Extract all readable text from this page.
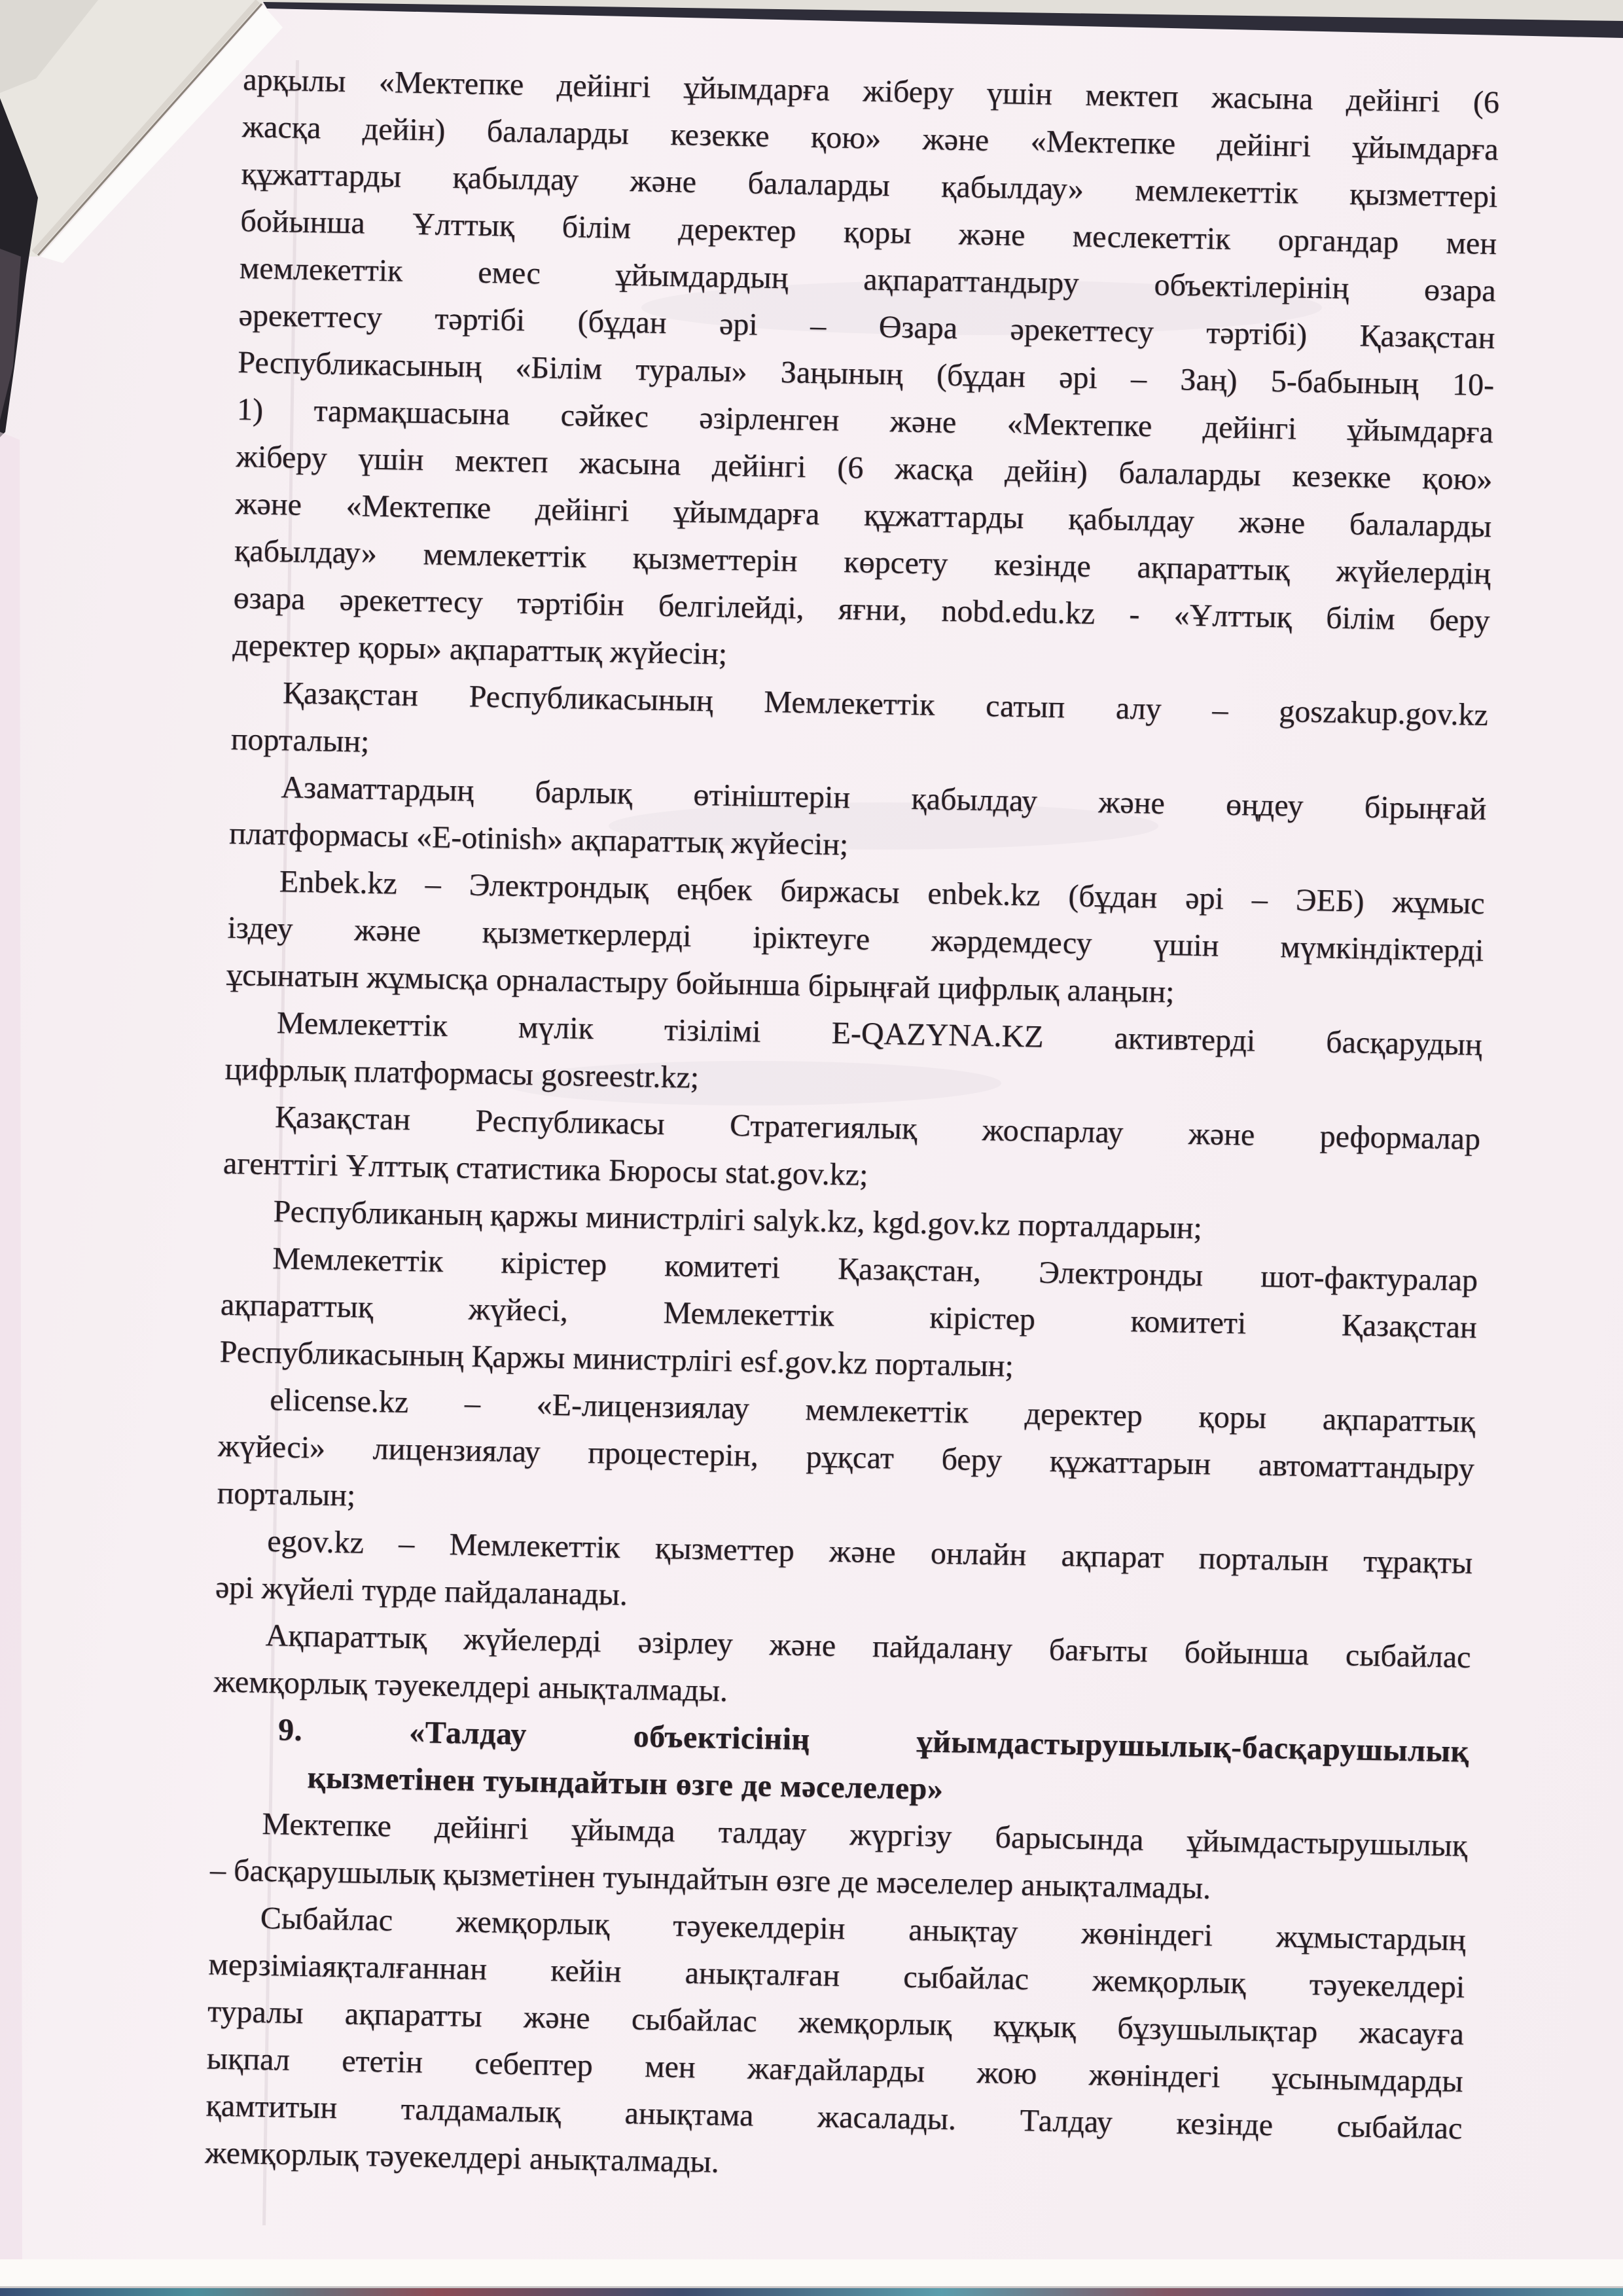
арқылы «Мектепке дейінгі ұйымдарға жіберу үшін мектеп жасына дейінгі (6
жасқа дейін) балаларды кезекке қою» және «Мектепке дейінгі ұйымдарға
құжаттарды қабылдау және балаларды қабылдау» мемлекеттік қызметтері
бойынша Ұлттық білім деректер қоры және меслекеттік органдар мен
мемлекеттік емес ұйымдардың ақпараттандыру объектілерінің өзара
әрекеттесу тәртібі (бұдан әрі – Өзара әрекеттесу тәртібі) Қазақстан
Республикасының «Білім туралы» Заңының (бұдан әрі – Заң) 5-бабының 10-
1) тармақшасына сәйкес әзірленген және «Мектепке дейінгі ұйымдарға
жіберу үшін мектеп жасына дейінгі (6 жасқа дейін) балаларды кезекке қою»
және «Мектепке дейінгі ұйымдарға құжаттарды қабылдау және балаларды
қабылдау» мемлекеттік қызметтерін көрсету кезінде ақпараттық жүйелердің
өзара әрекеттесу тәртібін белгілейді, яғни, nobd.edu.kz - «Ұлттық білім беру
деректер қоры» ақпараттық жүйесін;
Қазақстан Республикасының Мемлекеттік сатып алу – goszakup.gov.kz
порталын;
Азаматтардың барлық өтініштерін қабылдау және өңдеу бірыңғай
платформасы «E-otinish» ақпараттық жүйесін;
Enbek.kz – Электрондық еңбек биржасы enbek.kz (бұдан әрі – ЭЕБ) жұмыс
іздеу және қызметкерлерді іріктеуге жәрдемдесу үшін мүмкіндіктерді
ұсынатын жұмысқа орналастыру бойынша бірыңғай цифрлық алаңын;
Мемлекеттік мүлік тізілімі E-QAZYNA.KZ активтерді басқарудың
цифрлық платформасы gosreestr.kz;
Қазақстан Республикасы Стратегиялық жоспарлау және реформалар
агенттігі Ұлттық статистика Бюросы stat.gov.kz;
Республиканың қаржы министрлігі salyk.kz, kgd.gov.kz порталдарын;
Мемлекеттік кірістер комитеті Қазақстан, Электронды шот-фактуралар
ақпараттық жүйесі, Мемлекеттік кірістер комитеті Қазақстан
Республикасының Қаржы министрлігі esf.gov.kz порталын;
elicense.kz – «Е-лицензиялау мемлекеттік деректер қоры ақпараттық
жүйесі» лицензиялау процестерін, рұқсат беру құжаттарын автоматтандыру
порталын;
egov.kz – Мемлекеттік қызметтер және онлайн ақпарат порталын тұрақты
әрі жүйелі түрде пайдаланады.
Ақпараттық жүйелерді әзірлеу және пайдалану бағыты бойынша сыбайлас
жемқорлық тәуекелдері анықталмады.
9. «Талдау объектісінің ұйымдастырушылық-басқарушылық
қызметінен туындайтын өзге де мәселелер»
Мектепке дейінгі ұйымда талдау жүргізу барысында ұйымдастырушылық
– басқарушылық қызметінен туындайтын өзге де мәселелер анықталмады.
Сыбайлас жемқорлық тәуекелдерін анықтау жөніндегі жұмыстардың
мерзіміаяқталғаннан кейін анықталған сыбайлас жемқорлық тәуекелдері
туралы ақпаратты және сыбайлас жемқорлық құқық бұзушылықтар жасауға
ықпал ететін себептер мен жағдайларды жою жөніндегі ұсынымдарды
қамтитын талдамалық анықтама жасалады. Талдау кезінде сыбайлас
жемқорлық тәуекелдері анықталмады.
